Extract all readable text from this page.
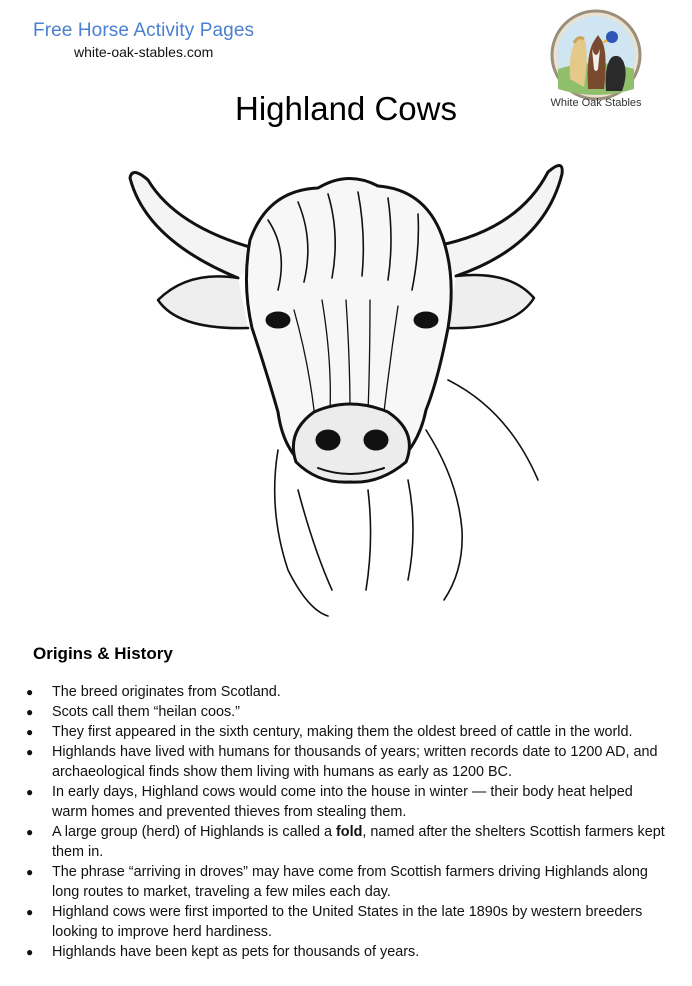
Free Horse Activity Pages
white-oak-stables.com
White Oak Stables
Highland Cows
Origins & History
● The breed originates from Scotland.
● Scots call them “heilan coos.”
● They first appeared in the sixth century, making them the oldest breed of cattle in the world.
● Highlands have lived with humans for thousands of years; written records date to 1200 AD, and archaeological finds show them living with humans as early as 1200 BC.
● In early days, Highland cows would come into the house in winter — their body heat helped warm homes and prevented thieves from stealing them.
● A large group (herd) of Highlands is called a fold, named after the shelters Scottish farmers kept them in.
● The phrase “arriving in droves” may have come from Scottish farmers driving Highlands along long routes to market, traveling a few miles each day.
● Highland cows were first imported to the United States in the late 1890s by western breeders looking to improve herd hardiness.
● Highlands have been kept as pets for thousands of years.
